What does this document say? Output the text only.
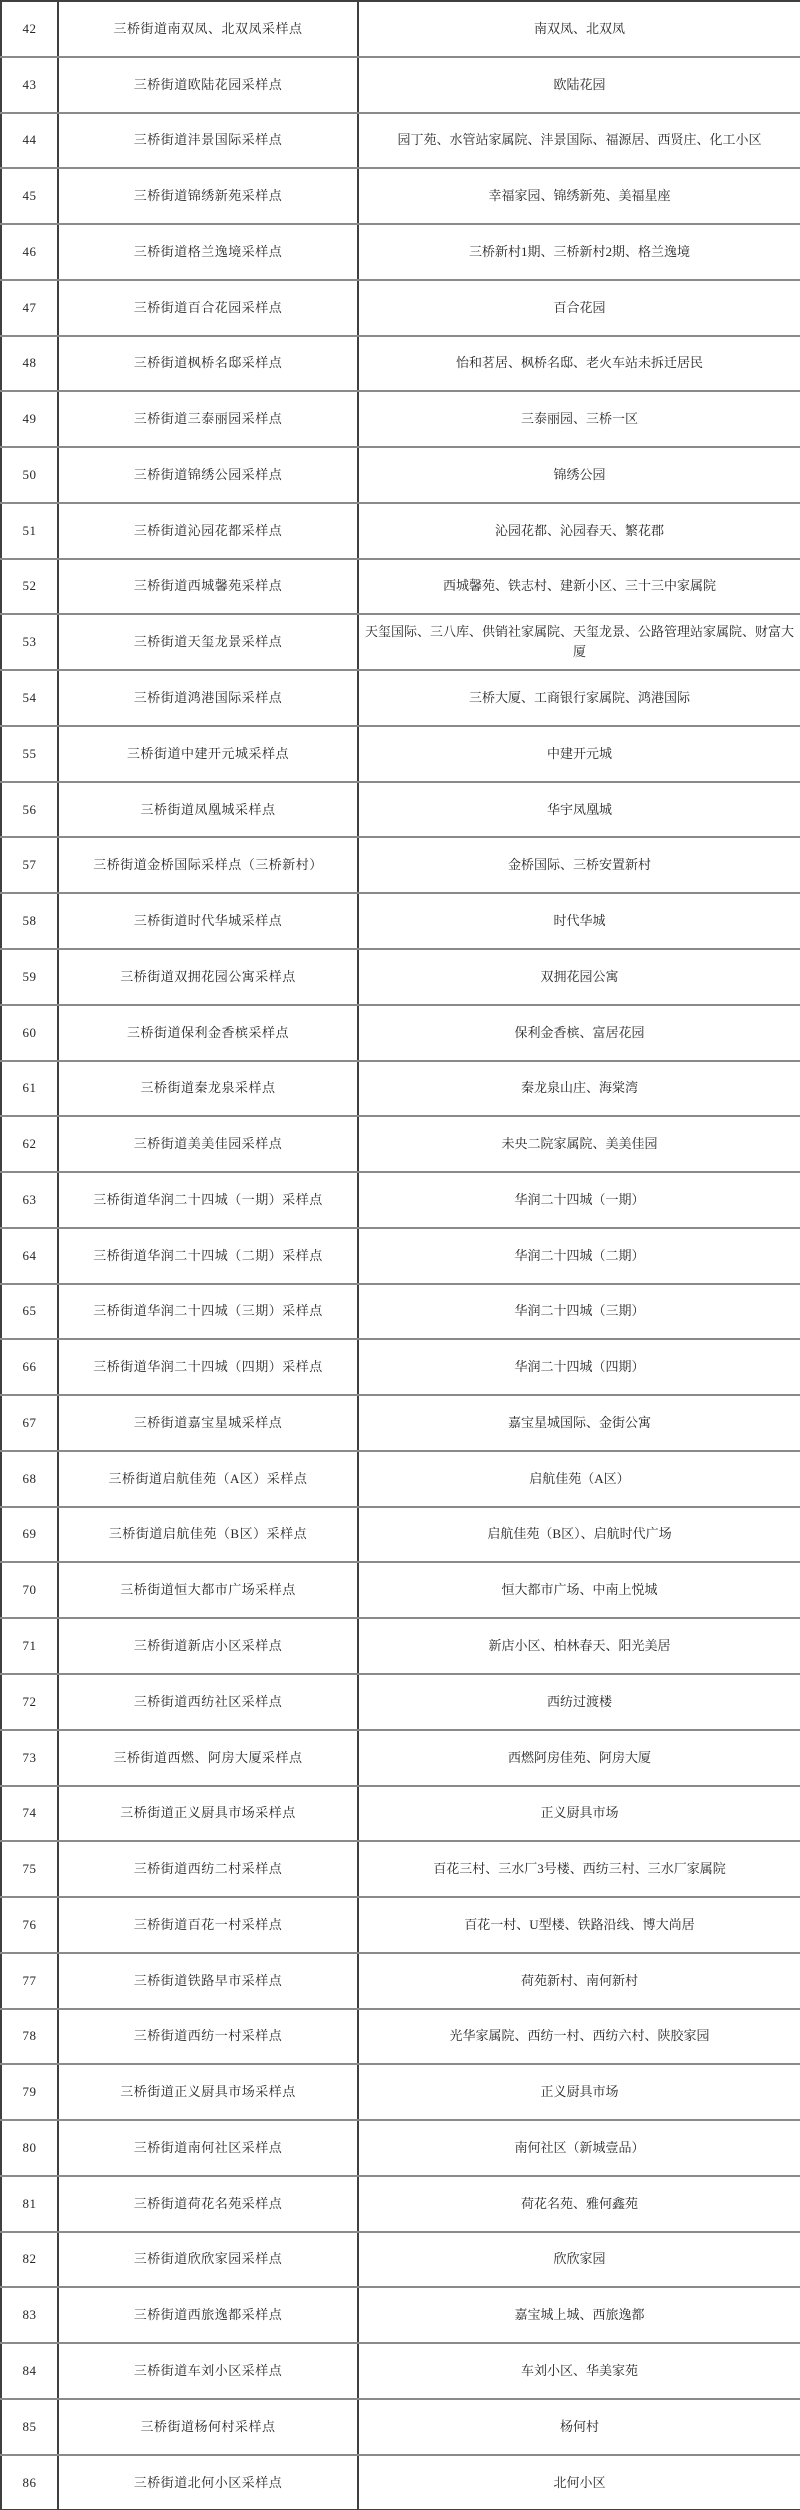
42	三桥街道南双凤、北双凤采样点	南双凤、北双凤
43	三桥街道欧陆花园采样点	欧陆花园
44	三桥街道沣景国际采样点	园丁苑、水管站家属院、沣景国际、福源居、西贤庄、化工小区
45	三桥街道锦绣新苑采样点	幸福家园、锦绣新苑、美福星座
46	三桥街道格兰逸境采样点	三桥新村1期、三桥新村2期、格兰逸境
47	三桥街道百合花园采样点	百合花园
48	三桥街道枫桥名邸采样点	怡和茗居、枫桥名邸、老火车站未拆迁居民
49	三桥街道三泰丽园采样点	三泰丽园、三桥一区
50	三桥街道锦绣公园采样点	锦绣公园
51	三桥街道沁园花都采样点	沁园花都、沁园春天、繁花郡
52	三桥街道西城馨苑采样点	西城馨苑、铁志村、建新小区、三十三中家属院
53	三桥街道天玺龙景采样点	天玺国际、三八库、供销社家属院、天玺龙景、公路管理站家属院、财富大厦
54	三桥街道鸿港国际采样点	三桥大厦、工商银行家属院、鸿港国际
55	三桥街道中建开元城采样点	中建开元城
56	三桥街道凤凰城采样点	华宇凤凰城
57	三桥街道金桥国际采样点（三桥新村）	金桥国际、三桥安置新村
58	三桥街道时代华城采样点	时代华城
59	三桥街道双拥花园公寓采样点	双拥花园公寓
60	三桥街道保利金香槟采样点	保利金香槟、富居花园
61	三桥街道秦龙泉采样点	秦龙泉山庄、海棠湾
62	三桥街道美美佳园采样点	未央二院家属院、美美佳园
63	三桥街道华润二十四城（一期）采样点	华润二十四城（一期）
64	三桥街道华润二十四城（二期）采样点	华润二十四城（二期）
65	三桥街道华润二十四城（三期）采样点	华润二十四城（三期）
66	三桥街道华润二十四城（四期）采样点	华润二十四城（四期）
67	三桥街道嘉宝星城采样点	嘉宝星城国际、金街公寓
68	三桥街道启航佳苑（A区）采样点	启航佳苑（A区）
69	三桥街道启航佳苑（B区）采样点	启航佳苑（B区）、启航时代广场
70	三桥街道恒大都市广场采样点	恒大都市广场、中南上悦城
71	三桥街道新店小区采样点	新店小区、柏林春天、阳光美居
72	三桥街道西纺社区采样点	西纺过渡楼
73	三桥街道西燃、阿房大厦采样点	西燃阿房佳苑、阿房大厦
74	三桥街道正义厨具市场采样点	正义厨具市场
75	三桥街道西纺二村采样点	百花三村、三水厂3号楼、西纺三村、三水厂家属院
76	三桥街道百花一村采样点	百花一村、U型楼、铁路沿线、博大尚居
77	三桥街道铁路早市采样点	荷苑新村、南何新村
78	三桥街道西纺一村采样点	光华家属院、西纺一村、西纺六村、陕胶家园
79	三桥街道正义厨具市场采样点	正义厨具市场
80	三桥街道南何社区采样点	南何社区（新城壹品）
81	三桥街道荷花名苑采样点	荷花名苑、雅何鑫苑
82	三桥街道欣欣家园采样点	欣欣家园
83	三桥街道西旅逸都采样点	嘉宝城上城、西旅逸都
84	三桥街道车刘小区采样点	车刘小区、华美家苑
85	三桥街道杨何村采样点	杨何村
86	三桥街道北何小区采样点	北何小区
